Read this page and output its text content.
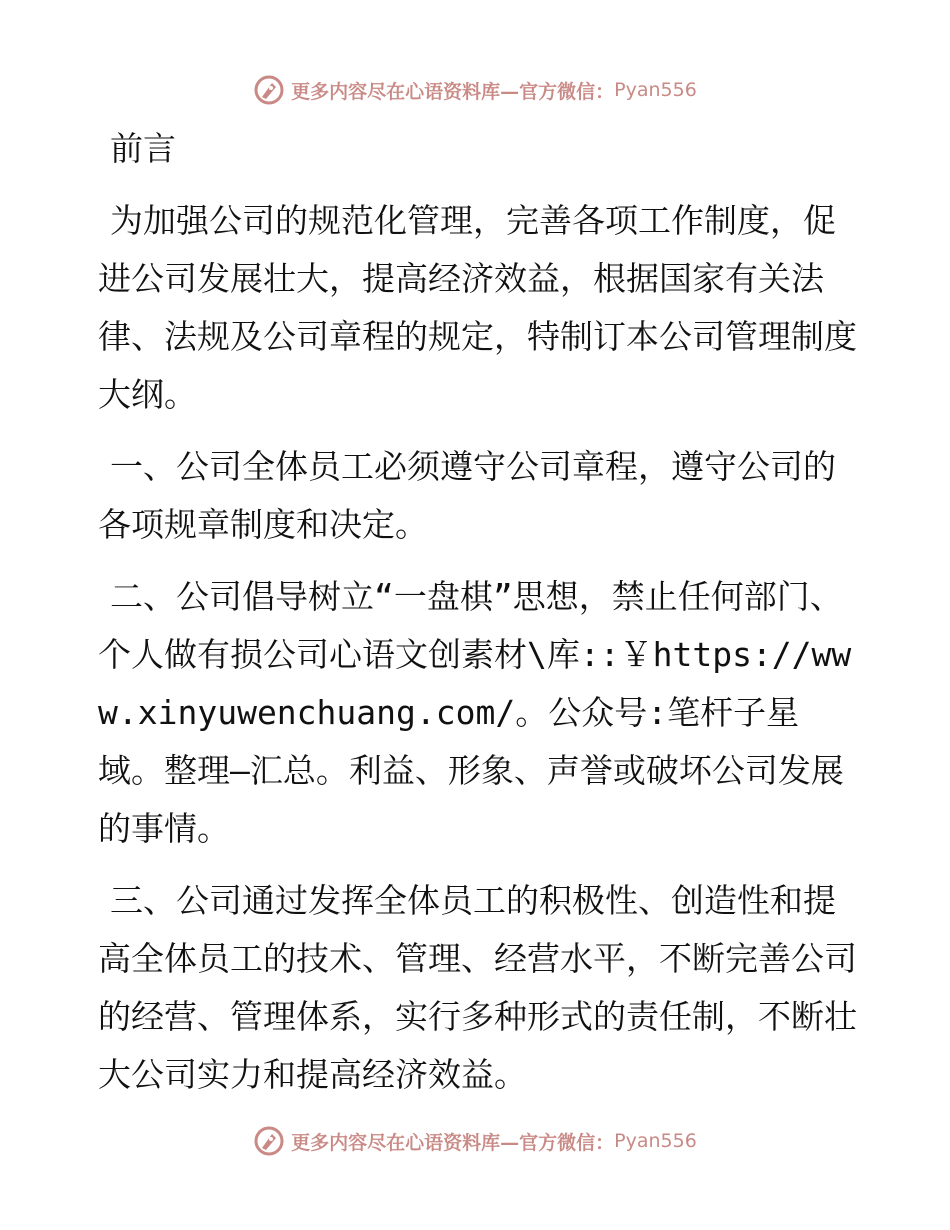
更多内容尽在心语资料库—官方微信： Pyan556

前言

为加强公司的规范化管理，完善各项工作制度，促进公司发展壮大，提高经济效益，根据国家有关法律、法规及公司章程的规定，特制订本公司管理制度大纲。

一、公司全体员工必须遵守公司章程，遵守公司的各项规章制度和决定。

二、公司倡导树立“一盘棋”思想，禁止任何部门、个人做有损公司心语文创素材\库::￥https://www.xinyuwenchuang.com/。公众号:笔杆子星域。整理—汇总。利益、形象、声誉或破坏公司发展的事情。

三、公司通过发挥全体员工的积极性、创造性和提高全体员工的技术、管理、经营水平，不断完善公司的经营、管理体系，实行多种形式的责任制，不断壮大公司实力和提高经济效益。

更多内容尽在心语资料库—官方微信： Pyan556
